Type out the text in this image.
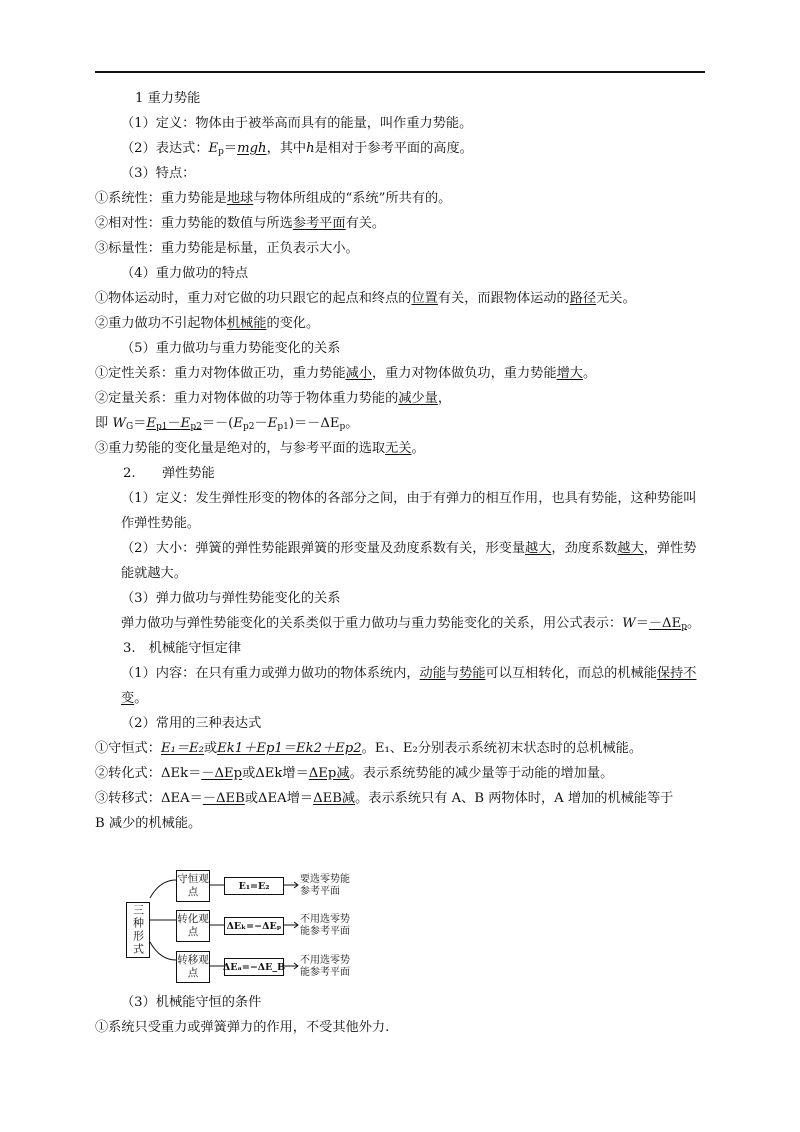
1 重力势能
（1）定义：物体由于被举高而具有的能量，叫作重力势能。
（2）表达式：$E_p=mgh$，其中h是相对于参考平面的高度。
（3）特点：
①系统性：重力势能是地球与物体所组成的“系统”所共有的。
②相对性：重力势能的数值与所选参考平面有关。
③标量性：重力势能是标量，正负表示大小。
（4）重力做功的特点
①物体运动时，重力对它做的功只跟它的起点和终点的位置有关，而跟物体运动的路径无关。
②重力做功不引起物体机械能的变化。
（5）重力做功与重力势能变化的关系
①定性关系：重力对物体做正功，重力势能减小，重力对物体做负功，重力势能增大。
②定量关系：重力对物体做的功等于物体重力势能的减少量，
即 $W_G=E_{p1}-E_{p2}=-(E_{p2}-E_{p1})=-\Delta E_p$。
③重力势能的变化量是绝对的，与参考平面的选取无关。
2.　　弹性势能
（1）定义：发生弹性形变的物体的各部分之间，由于有弹力的相互作用，也具有势能，这种势能叫作弹性势能。
（2）大小：弹簧的弹性势能跟弹簧的形变量及劲度系数有关，形变量越大，劲度系数越大，弹性势能就越大。
（3）弹力做功与弹性势能变化的关系
弹力做功与弹性势能变化的关系类似于重力做功与重力势能变化的关系，用公式表示：$W=-\Delta E_p$。
3.　机械能守恒定律
（1）内容：在只有重力或弹力做功的物体系统内，动能与势能可以互相转化，而总的机械能保持不变。
（2）常用的三种表达式
①守恒式：E₁＝E₂或Ek1＋Ep1＝Ek2＋Ep2。E₁、E₂分别表示系统初末状态时的总机械能。
②转化式：ΔEk＝－ΔEp或ΔEk增＝ΔEp减。表示系统势能的减少量等于动能的增加量。
③转移式：ΔEA＝－ΔEB或ΔEA增＝ΔEB减。表示系统只有 A、B 两物体时，A 增加的机械能等于
B 减少的机械能。
三种形式
守恒观点
转化观点
转移观点
E₁=E₂
ΔEₖ=−ΔEₚ
ΔEₐ=−ΔE_B
要选零势能
参考平面
不用选零势
能参考平面
不用选零势
能参考平面
（3）机械能守恒的条件
①系统只受重力或弹簧弹力的作用，不受其他外力.
